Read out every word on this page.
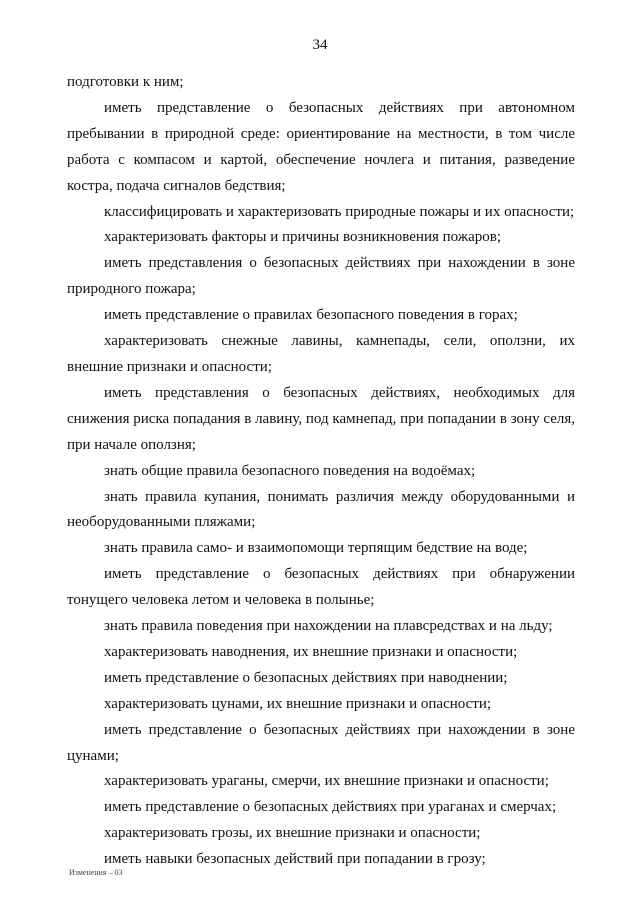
34

подготовки к ним;

иметь представление о безопасных действиях при автономном пребывании в природной среде: ориентирование на местности, в том числе работа с компасом и картой, обеспечение ночлега и питания, разведение костра, подача сигналов бедствия;

классифицировать и характеризовать природные пожары и их опасности;

характеризовать факторы и причины возникновения пожаров;

иметь представления о безопасных действиях при нахождении в зоне природного пожара;

иметь представление о правилах безопасного поведения в горах;

характеризовать снежные лавины, камнепады, сели, оползни, их внешние признаки и опасности;

иметь представления о безопасных действиях, необходимых для снижения риска попадания в лавину, под камнепад, при попадании в зону селя, при начале оползня;

знать общие правила безопасного поведения на водоёмах;

знать правила купания, понимать различия между оборудованными и необорудованными пляжами;

знать правила само- и взаимопомощи терпящим бедствие на воде;

иметь представление о безопасных действиях при обнаружении тонущего человека летом и человека в полынье;

знать правила поведения при нахождении на плавсредствах и на льду;

характеризовать наводнения, их внешние признаки и опасности;

иметь представление о безопасных действиях при наводнении;

характеризовать цунами, их внешние признаки и опасности;

иметь представление о безопасных действиях при нахождении в зоне цунами;

характеризовать ураганы, смерчи, их внешние признаки и опасности;

иметь представление о безопасных действиях при ураганах и смерчах;

характеризовать грозы, их внешние признаки и опасности;

иметь навыки безопасных действий при попадании в грозу;

Изменения – 03
